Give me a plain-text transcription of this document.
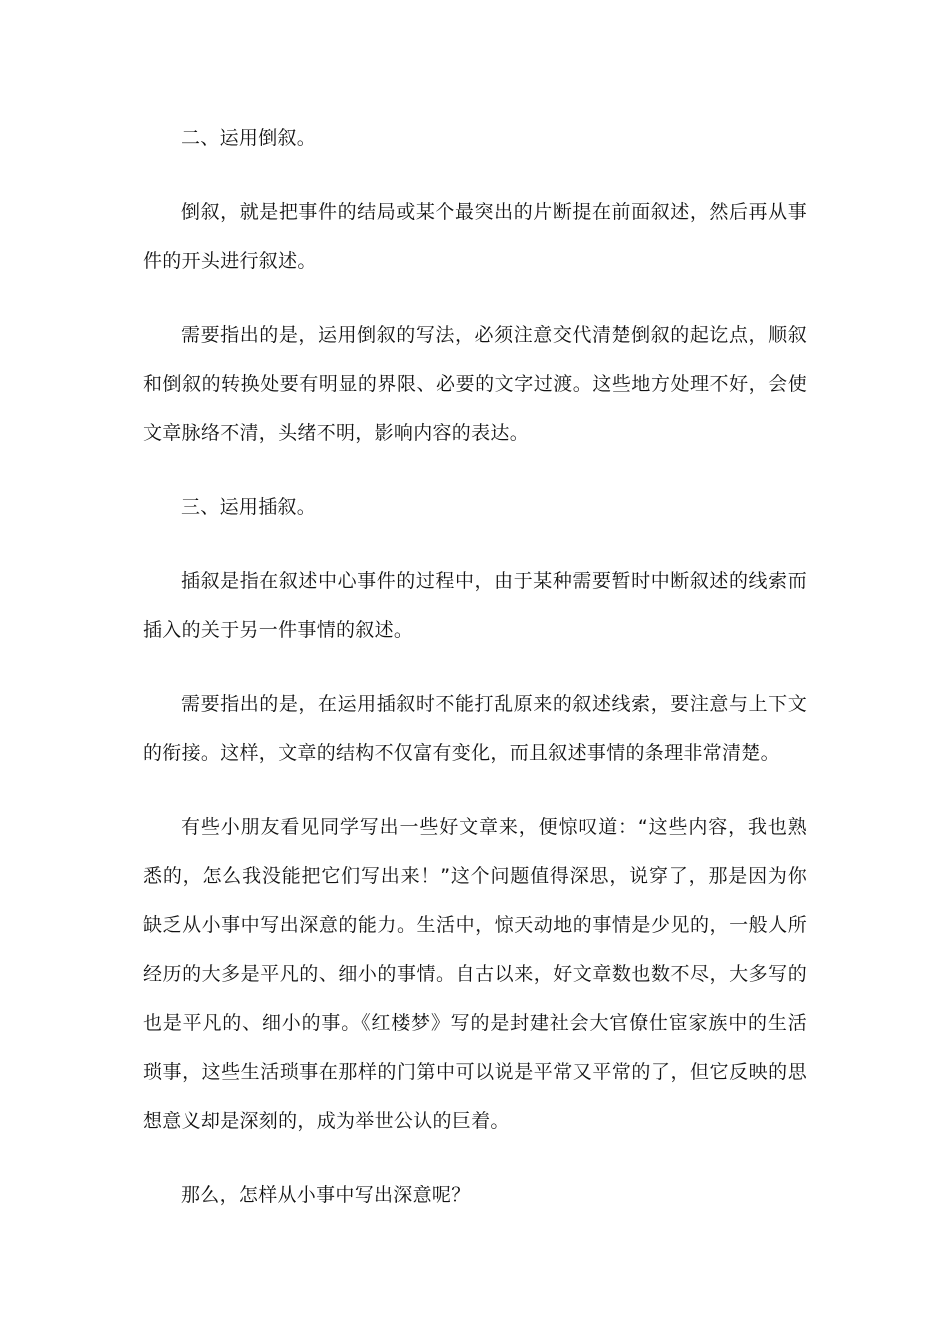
二、运用倒叙。

倒叙，就是把事件的结局或某个最突出的片断提在前面叙述，然后再从事件的开头进行叙述。

需要指出的是，运用倒叙的写法，必须注意交代清楚倒叙的起讫点，顺叙和倒叙的转换处要有明显的界限、必要的文字过渡。这些地方处理不好，会使文章脉络不清，头绪不明，影响内容的表达。

三、运用插叙。

插叙是指在叙述中心事件的过程中，由于某种需要暂时中断叙述的线索而插入的关于另一件事情的叙述。

需要指出的是，在运用插叙时不能打乱原来的叙述线索，要注意与上下文的衔接。这样，文章的结构不仅富有变化，而且叙述事情的条理非常清楚。

有些小朋友看见同学写出一些好文章来，便惊叹道：“这些内容，我也熟悉的，怎么我没能把它们写出来！”这个问题值得深思，说穿了，那是因为你缺乏从小事中写出深意的能力。生活中，惊天动地的事情是少见的，一般人所经历的大多是平凡的、细小的事情。自古以来，好文章数也数不尽，大多写的也是平凡的、细小的事。《红楼梦》写的是封建社会大官僚仕宦家族中的生活琐事，这些生活琐事在那样的门第中可以说是平常又平常的了，但它反映的思想意义却是深刻的，成为举世公认的巨着。

那么，怎样从小事中写出深意呢？
